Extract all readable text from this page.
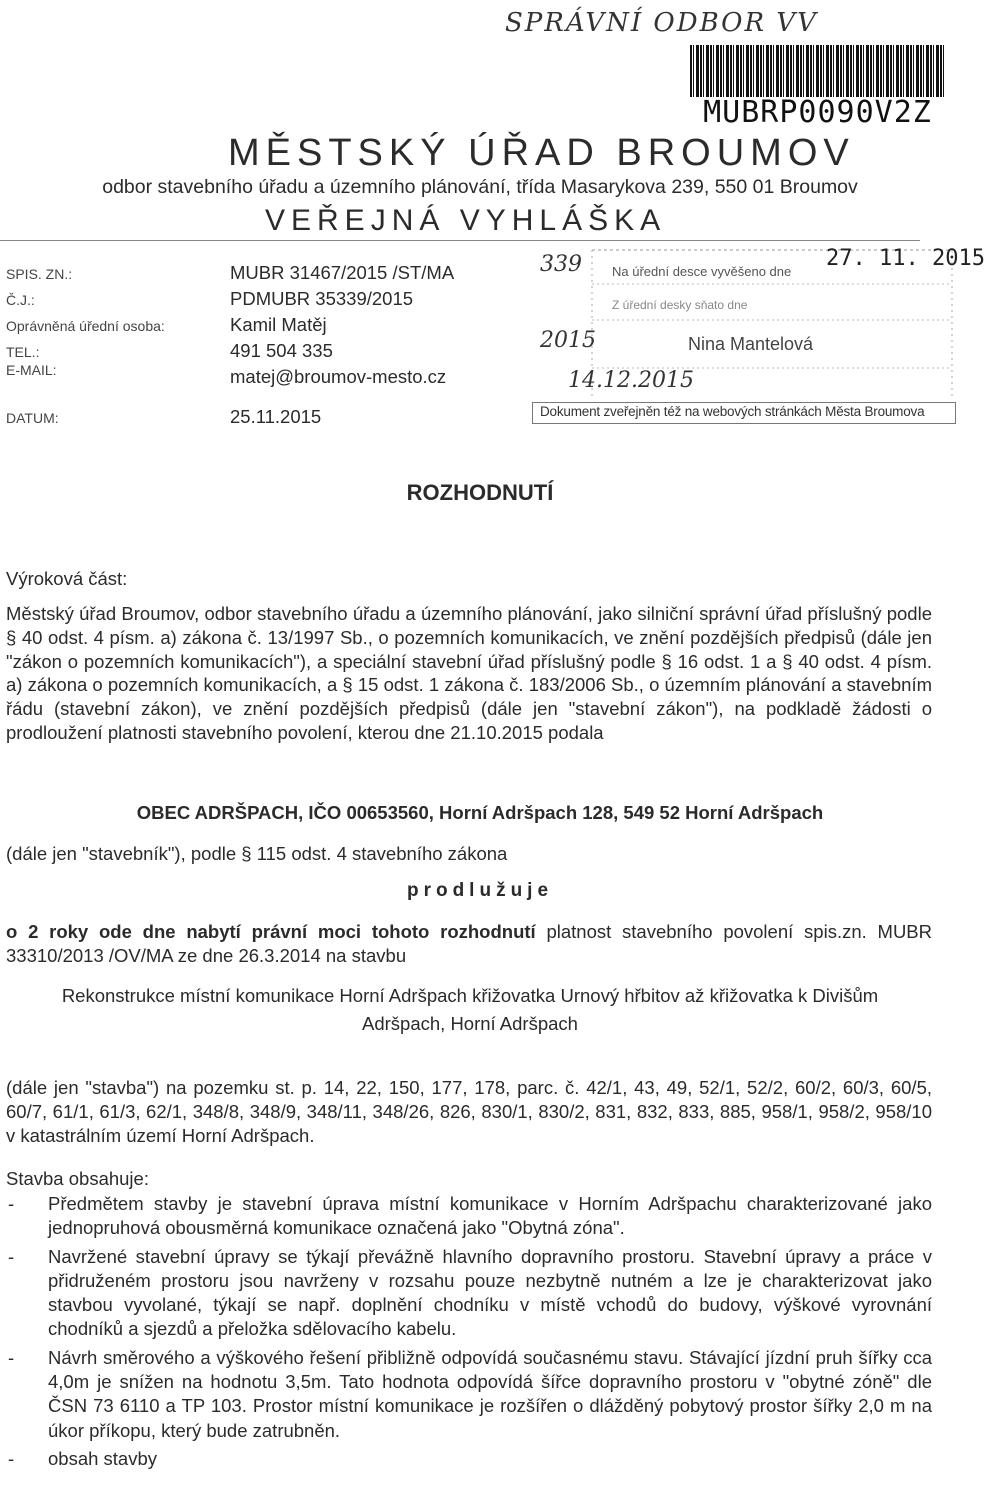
SPRÁVNÍ ODBOR VV
MUBRP0090V2Z
MĚSTSKÝ ÚŘAD BROUMOV
odbor stavebního úřadu a územního plánování, třída Masarykova 239, 550 01 Broumov
VEŘEJNÁ VYHLÁŠKA
SPIS. ZN.:	MUBR 31467/2015 /ST/MA
Č.J.:	PDMUBR 35339/2015
Oprávněná úřední osoba:	Kamil Matěj
TEL.:	491 504 335
E-MAIL:	matej@broumov-mesto.cz
DATUM:	25.11.2015
339 Na úřední desce vyvěšeno dne
27. 11. 2015
Z úřední desky sňato dne
2015	Nina Mantelová
14.12.2015
Dokument zveřejněn též na webových stránkách Města Broumova
ROZHODNUTÍ
Výroková část:
Městský úřad Broumov, odbor stavebního úřadu a územního plánování, jako silniční správní úřad příslušný podle § 40 odst. 4 písm. a) zákona č. 13/1997 Sb., o pozemních komunikacích, ve znění pozdějších předpisů (dále jen "zákon o pozemních komunikacích"), a speciální stavební úřad příslušný podle § 16 odst. 1 a § 40 odst. 4 písm. a) zákona o pozemních komunikacích, a § 15 odst. 1 zákona č. 183/2006 Sb., o územním plánování a stavebním řádu (stavební zákon), ve znění pozdějších předpisů (dále jen "stavební zákon"), na podkladě žádosti o prodloužení platnosti stavebního povolení, kterou dne 21.10.2015 podala
OBEC ADRŠPACH, IČO 00653560, Horní Adršpach 128, 549 52 Horní Adršpach
(dále jen "stavebník"), podle § 115 odst. 4 stavebního zákona
prodlužuje
o 2 roky ode dne nabytí právní moci tohoto rozhodnutí platnost stavebního povolení spis.zn. MUBR 33310/2013 /OV/MA ze dne 26.3.2014 na stavbu
Rekonstrukce místní komunikace Horní Adršpach křižovatka Urnový hřbitov až křižovatka k Divišům Adršpach, Horní Adršpach
(dále jen "stavba") na pozemku st. p. 14, 22, 150, 177, 178, parc. č. 42/1, 43, 49, 52/1, 52/2, 60/2, 60/3, 60/5, 60/7, 61/1, 61/3, 62/1, 348/8, 348/9, 348/11, 348/26, 826, 830/1, 830/2, 831, 832, 833, 885, 958/1, 958/2, 958/10 v katastrálním území Horní Adršpach.
Stavba obsahuje:
- Předmětem stavby je stavební úprava místní komunikace v Horním Adršpachu charakterizované jako jednopruhová obousměrná komunikace označená jako "Obytná zóna".
- Navržené stavební úpravy se týkají převážně hlavního dopravního prostoru. Stavební úpravy a práce v přidruženém prostoru jsou navrženy v rozsahu pouze nezbytně nutném a lze je charakterizovat jako stavbou vyvolané, týkají se např. doplnění chodníku v místě vchodů do budovy, výškové vyrovnání chodníků a sjezdů a přeložka sdělovacího kabelu.
- Návrh směrového a výškového řešení přibližně odpovídá současnému stavu. Stávající jízdní pruh šířky cca 4,0m je snížen na hodnotu 3,5m. Tato hodnota odpovídá šířce dopravního prostoru v "obytné zóně" dle ČSN 73 6110 a TP 103. Prostor místní komunikace je rozšířen o dlážděný pobytový prostor šířky 2,0 m na úkor příkopu, který bude zatrubněn.
- obsah stavby
